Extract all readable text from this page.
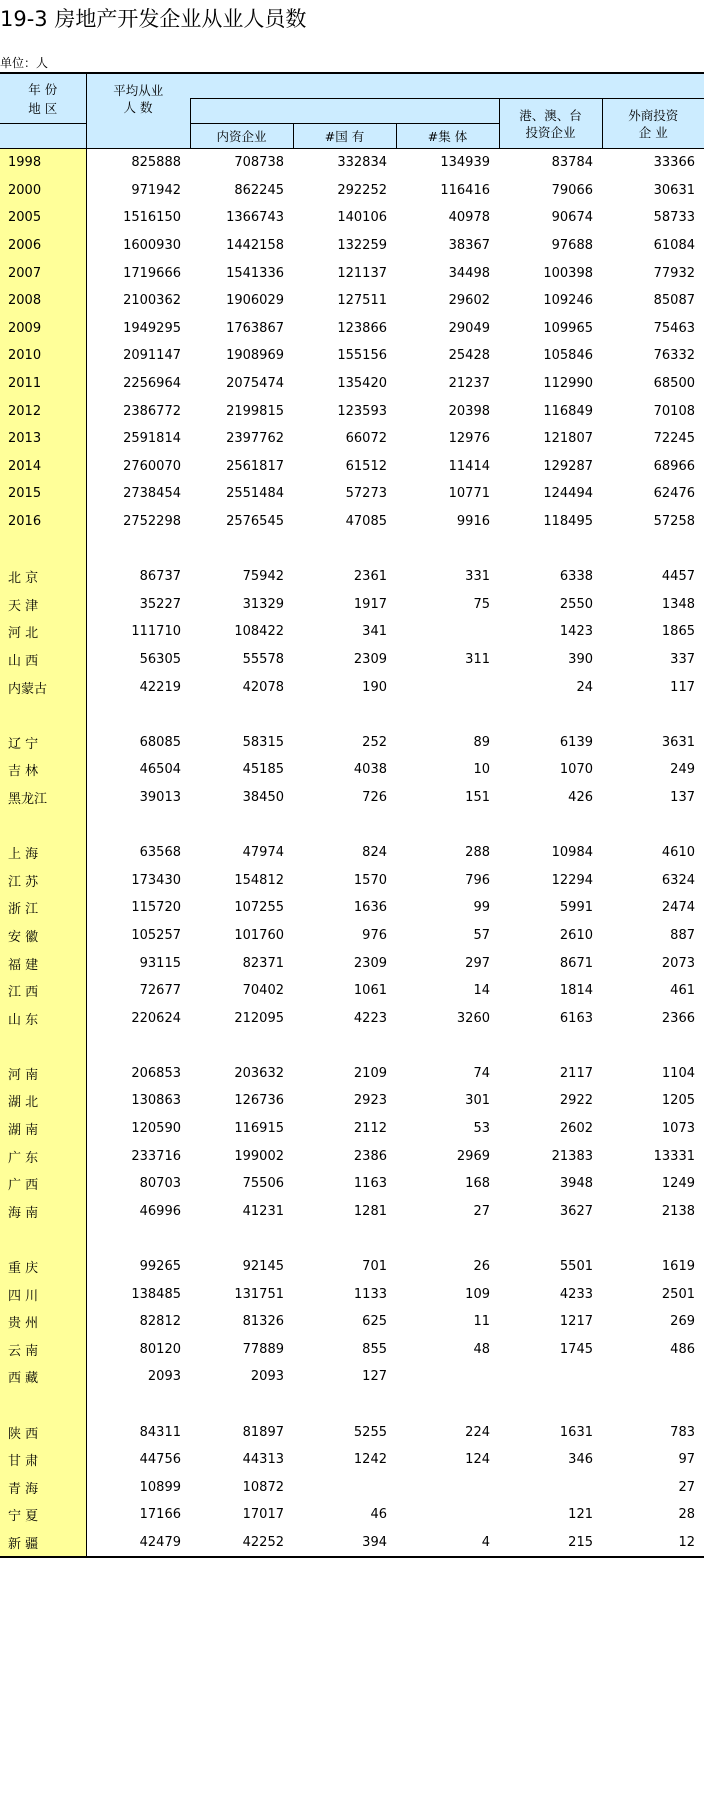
19-3 房地产开发企业从业人员数
单位：人
年 份
地 区	平均从业					

	人 数				港、澳、台	外商投资

		内资企业	#国 有	#集 体	投资企业	企 业

1998	825888	708738	332834	134939	83784	33366
2000	971942	862245	292252	116416	79066	30631
2005	1516150	1366743	140106	40978	90674	58733
2006	1600930	1442158	132259	38367	97688	61084
2007	1719666	1541336	121137	34498	100398	77932
2008	2100362	1906029	127511	29602	109246	85087
2009	1949295	1763867	123866	29049	109965	75463
2010	2091147	1908969	155156	25428	105846	76332
2011	2256964	2075474	135420	21237	112990	68500
2012	2386772	2199815	123593	20398	116849	70108
2013	2591814	2397762	66072	12976	121807	72245
2014	2760070	2561817	61512	11414	129287	68966
2015	2738454	2551484	57273	10771	124494	62476
2016	2752298	2576545	47085	9916	118495	57258

北 京	86737	75942	2361	331	6338	4457
天 津	35227	31329	1917	75	2550	1348
河 北	111710	108422	341		1423	1865
山 西	56305	55578	2309	311	390	337
内蒙古	42219	42078	190		24	117

辽 宁	68085	58315	252	89	6139	3631
吉 林	46504	45185	4038	10	1070	249
黑龙江	39013	38450	726	151	426	137

上 海	63568	47974	824	288	10984	4610
江 苏	173430	154812	1570	796	12294	6324
浙 江	115720	107255	1636	99	5991	2474
安 徽	105257	101760	976	57	2610	887
福 建	93115	82371	2309	297	8671	2073
江 西	72677	70402	1061	14	1814	461
山 东	220624	212095	4223	3260	6163	2366

河 南	206853	203632	2109	74	2117	1104
湖 北	130863	126736	2923	301	2922	1205
湖 南	120590	116915	2112	53	2602	1073
广 东	233716	199002	2386	2969	21383	13331
广 西	80703	75506	1163	168	3948	1249
海 南	46996	41231	1281	27	3627	2138

重 庆	99265	92145	701	26	5501	1619
四 川	138485	131751	1133	109	4233	2501
贵 州	82812	81326	625	11	1217	269
云 南	80120	77889	855	48	1745	486
西 藏	2093	2093	127			

陕 西	84311	81897	5255	224	1631	783
甘 肃	44756	44313	1242	124	346	97
青 海	10899	10872				27
宁 夏	17166	17017	46		121	28
新 疆	42479	42252	394	4	215	12
